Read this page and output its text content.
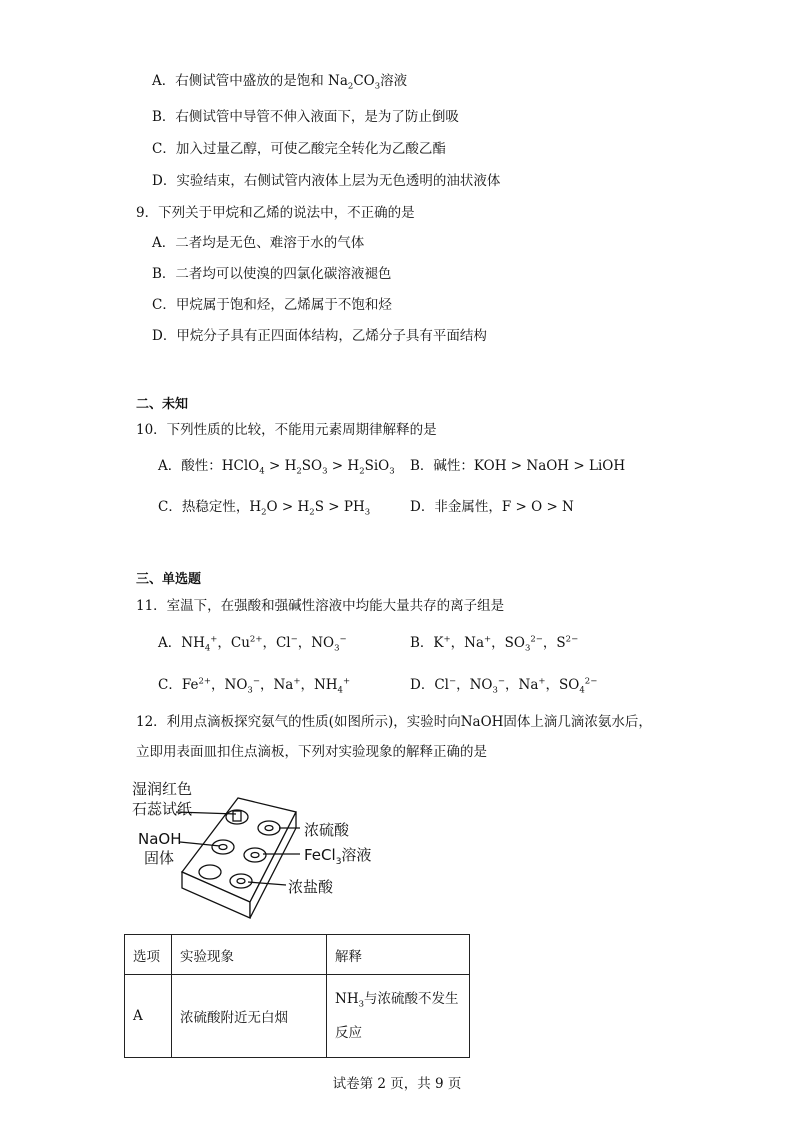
A．右侧试管中盛放的是饱和 $Na_2CO_3$溶液
B．右侧试管中导管不伸入液面下，是为了防止倒吸
C．加入过量乙醇，可使乙酸完全转化为乙酸乙酯
D．实验结束，右侧试管内液体上层为无色透明的油状液体
9．下列关于甲烷和乙烯的说法中，不正确的是
A．二者均是无色、难溶于水的气体
B．二者均可以使溴的四氯化碳溶液褪色
C．甲烷属于饱和烃，乙烯属于不饱和烃
D．甲烷分子具有正四面体结构，乙烯分子具有平面结构
二、未知
10．下列性质的比较，不能用元素周期律解释的是
A．酸性：HClO$_4$ > $H_2SO_3 > H_2SiO_3$ B．碱性：KOH > NaOH > LiOH
C．热稳定性，$H_2O > H_2S > PH_3$	D．非金属性，F > O > N
三、单选题
11．室温下，在强酸和强碱性溶液中均能大量共存的离子组是
A．$NH_4^+$，$Cu^{2+}$，Cl−，$NO_3^-$	B．K+，Na+，$SO_3^{2-}$，$S^{2-}$
C．$Fe^{2+}$，$NO_3^-$，Na+，$NH_4^+$	D．Cl−，$NO_3^-$，Na+，$SO_4^{2-}$
12．利用点滴板探究氨气的性质(如图所示)，实验时向NaOH固体上滴几滴浓氨水后，
立即用表面皿扣住点滴板，下列对实验现象的解释正确的是
湿润红色
石蕊试纸
NaOH
固体
浓硫酸
FeCl$_3$溶液
浓盐酸
选项	实验现象	解释
A	浓硫酸附近无白烟	$NH_3$与浓硫酸不发生
反应
试卷第 2 页，共 9 页
